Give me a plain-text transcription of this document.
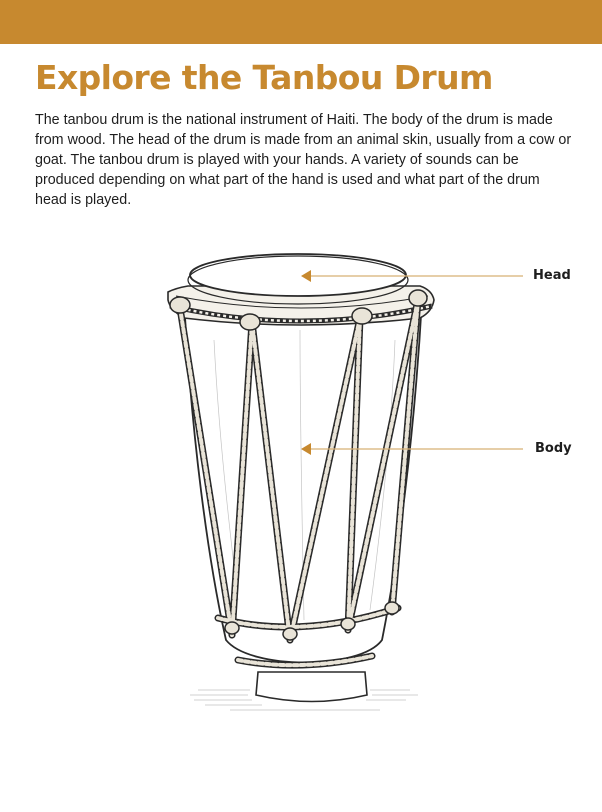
Explore the Tanbou Drum

The tanbou drum is the national instrument of Haiti. The body of the drum is made from wood. The head of the drum is made from an animal skin, usually from a cow or goat. The tanbou drum is played with your hands. A variety of sounds can be produced depending on what part of the hand is used and what part of the drum head is played.

Head
Body
